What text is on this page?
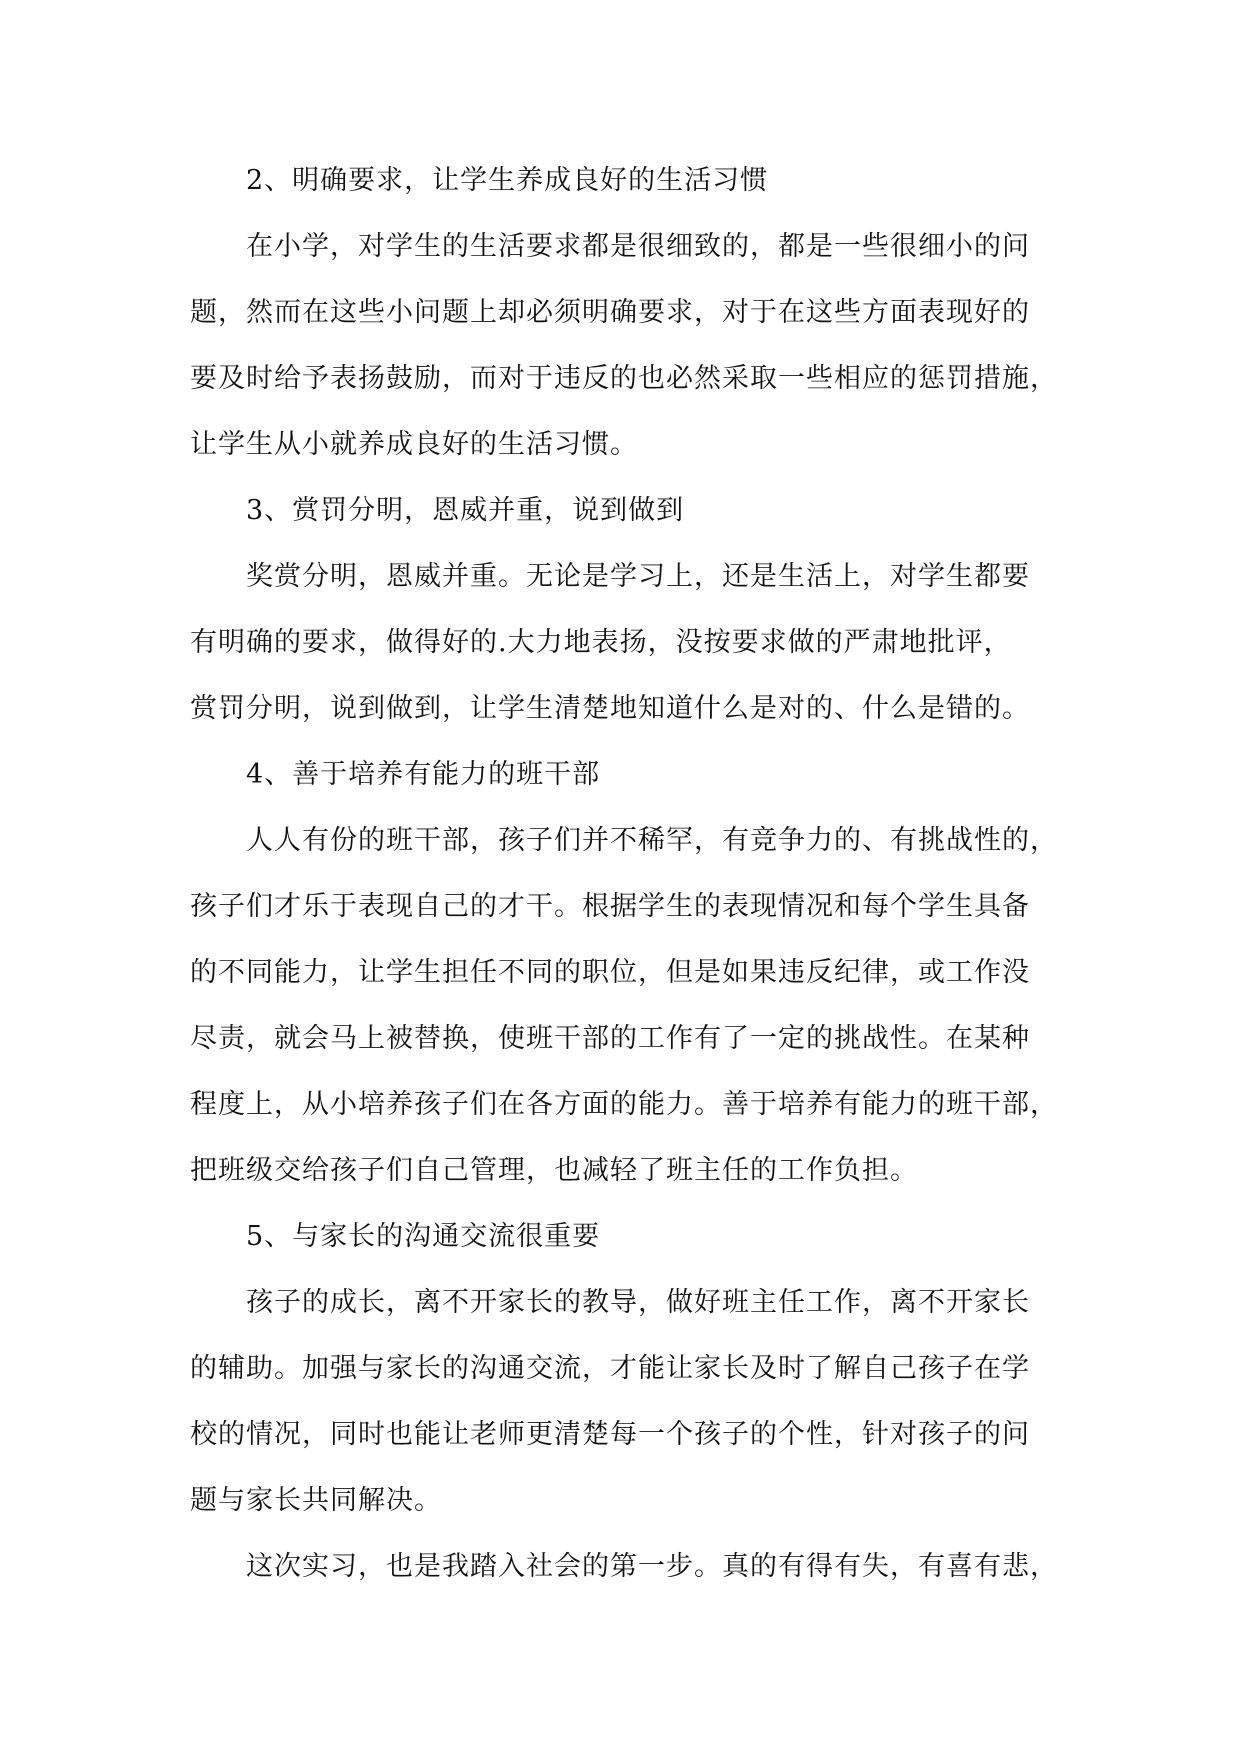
2、明确要求，让学生养成良好的生活习惯
在小学，对学生的生活要求都是很细致的，都是一些很细小的问
题，然而在这些小问题上却必须明确要求，对于在这些方面表现好的
要及时给予表扬鼓励，而对于违反的也必然采取一些相应的惩罚措施，
让学生从小就养成良好的生活习惯。
3、赏罚分明，恩威并重，说到做到
奖赏分明，恩威并重。无论是学习上，还是生活上，对学生都要
有明确的要求，做得好的.大力地表扬，没按要求做的严肃地批评，
赏罚分明，说到做到，让学生清楚地知道什么是对的、什么是错的。
4、善于培养有能力的班干部
人人有份的班干部，孩子们并不稀罕，有竞争力的、有挑战性的，
孩子们才乐于表现自己的才干。根据学生的表现情况和每个学生具备
的不同能力，让学生担任不同的职位，但是如果违反纪律，或工作没
尽责，就会马上被替换，使班干部的工作有了一定的挑战性。在某种
程度上，从小培养孩子们在各方面的能力。善于培养有能力的班干部，
把班级交给孩子们自己管理，也减轻了班主任的工作负担。
5、与家长的沟通交流很重要
孩子的成长，离不开家长的教导，做好班主任工作，离不开家长
的辅助。加强与家长的沟通交流，才能让家长及时了解自己孩子在学
校的情况，同时也能让老师更清楚每一个孩子的个性，针对孩子的问
题与家长共同解决。
这次实习，也是我踏入社会的第一步。真的有得有失，有喜有悲，
